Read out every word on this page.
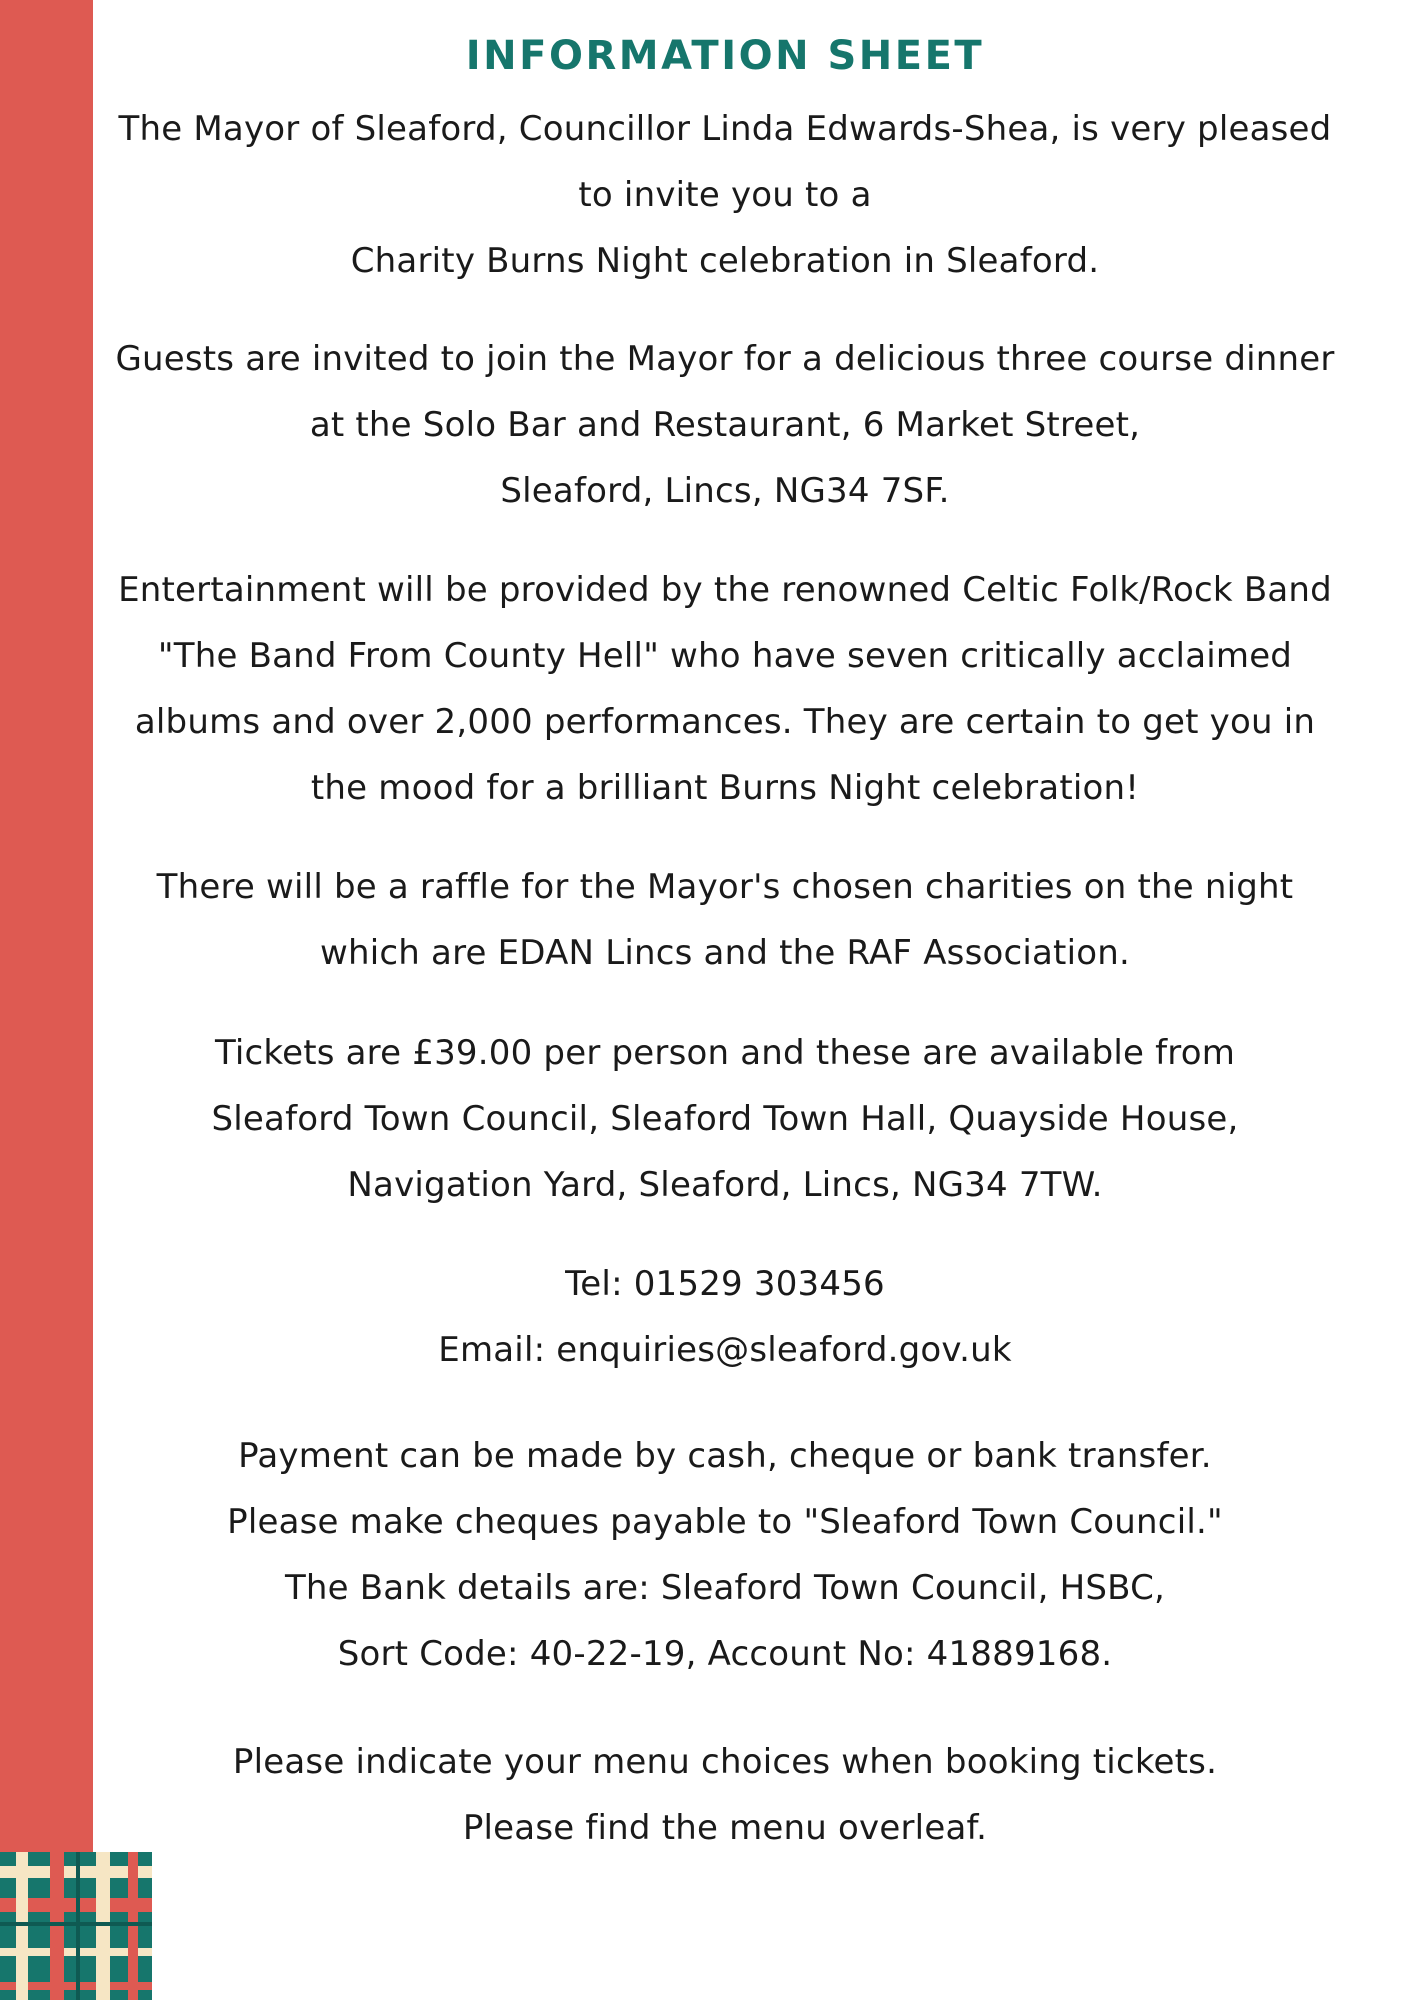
INFORMATION SHEET

The Mayor of Sleaford, Councillor Linda Edwards-Shea, is very pleased
to invite you to a
Charity Burns Night celebration in Sleaford.

Guests are invited to join the Mayor for a delicious three course dinner
at the Solo Bar and Restaurant, 6 Market Street,
Sleaford, Lincs, NG34 7SF.

Entertainment will be provided by the renowned Celtic Folk/Rock Band
"The Band From County Hell" who have seven critically acclaimed
albums and over 2,000 performances. They are certain to get you in
the mood for a brilliant Burns Night celebration!

There will be a raffle for the Mayor's chosen charities on the night
which are EDAN Lincs and the RAF Association.

Tickets are £39.00 per person and these are available from
Sleaford Town Council, Sleaford Town Hall, Quayside House,
Navigation Yard, Sleaford, Lincs, NG34 7TW.

Tel: 01529 303456
Email: enquiries@sleaford.gov.uk

Payment can be made by cash, cheque or bank transfer.
Please make cheques payable to "Sleaford Town Council."
The Bank details are: Sleaford Town Council, HSBC,
Sort Code: 40-22-19, Account No: 41889168.

Please indicate your menu choices when booking tickets.
Please find the menu overleaf.
